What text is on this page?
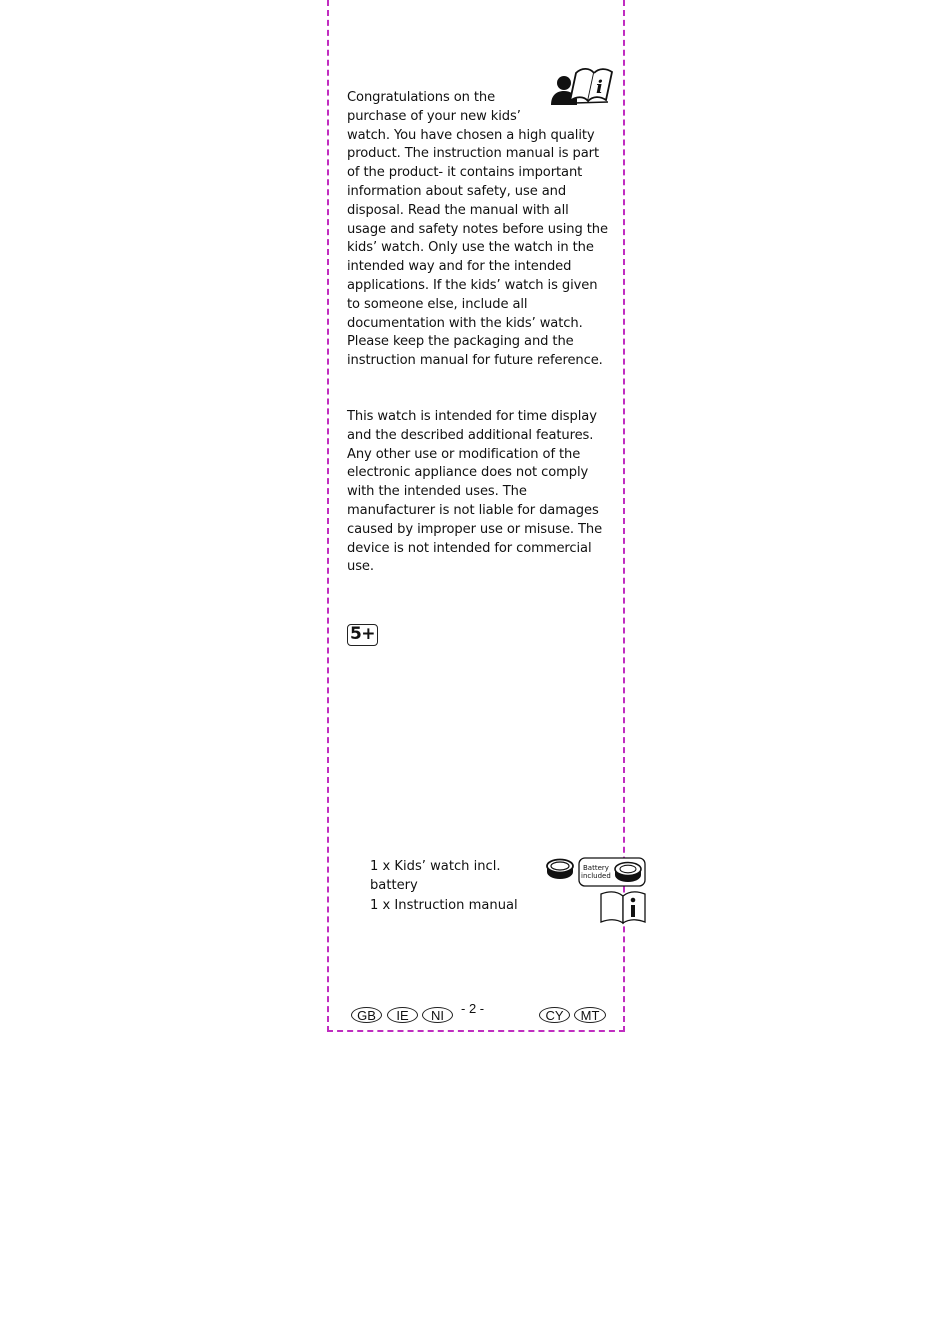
i
Congratulations on the purchase of your new kids’ watch. You have chosen a high quality product. The instruction manual is part of the product- it contains important information about safety, use and disposal. Read the manual with all usage and safety notes before using the kids’ watch. Only use the watch in the intended way and for the intended applications. If the kids’ watch is given to someone else, include all documentation with the kids’ watch. Please keep the packaging and the instruction manual for future reference.

This watch is intended for time display and the described additional features. Any other use or modification of the electronic appliance does not comply with the intended uses. The manufacturer is not liable for damages caused by improper use or misuse. The device is not intended for commercial use.

5+
1 x Kids’ watch incl.
battery
1 x Instruction manual
Battery
included
GB	IE	NI	- 2 -	CY	MT
